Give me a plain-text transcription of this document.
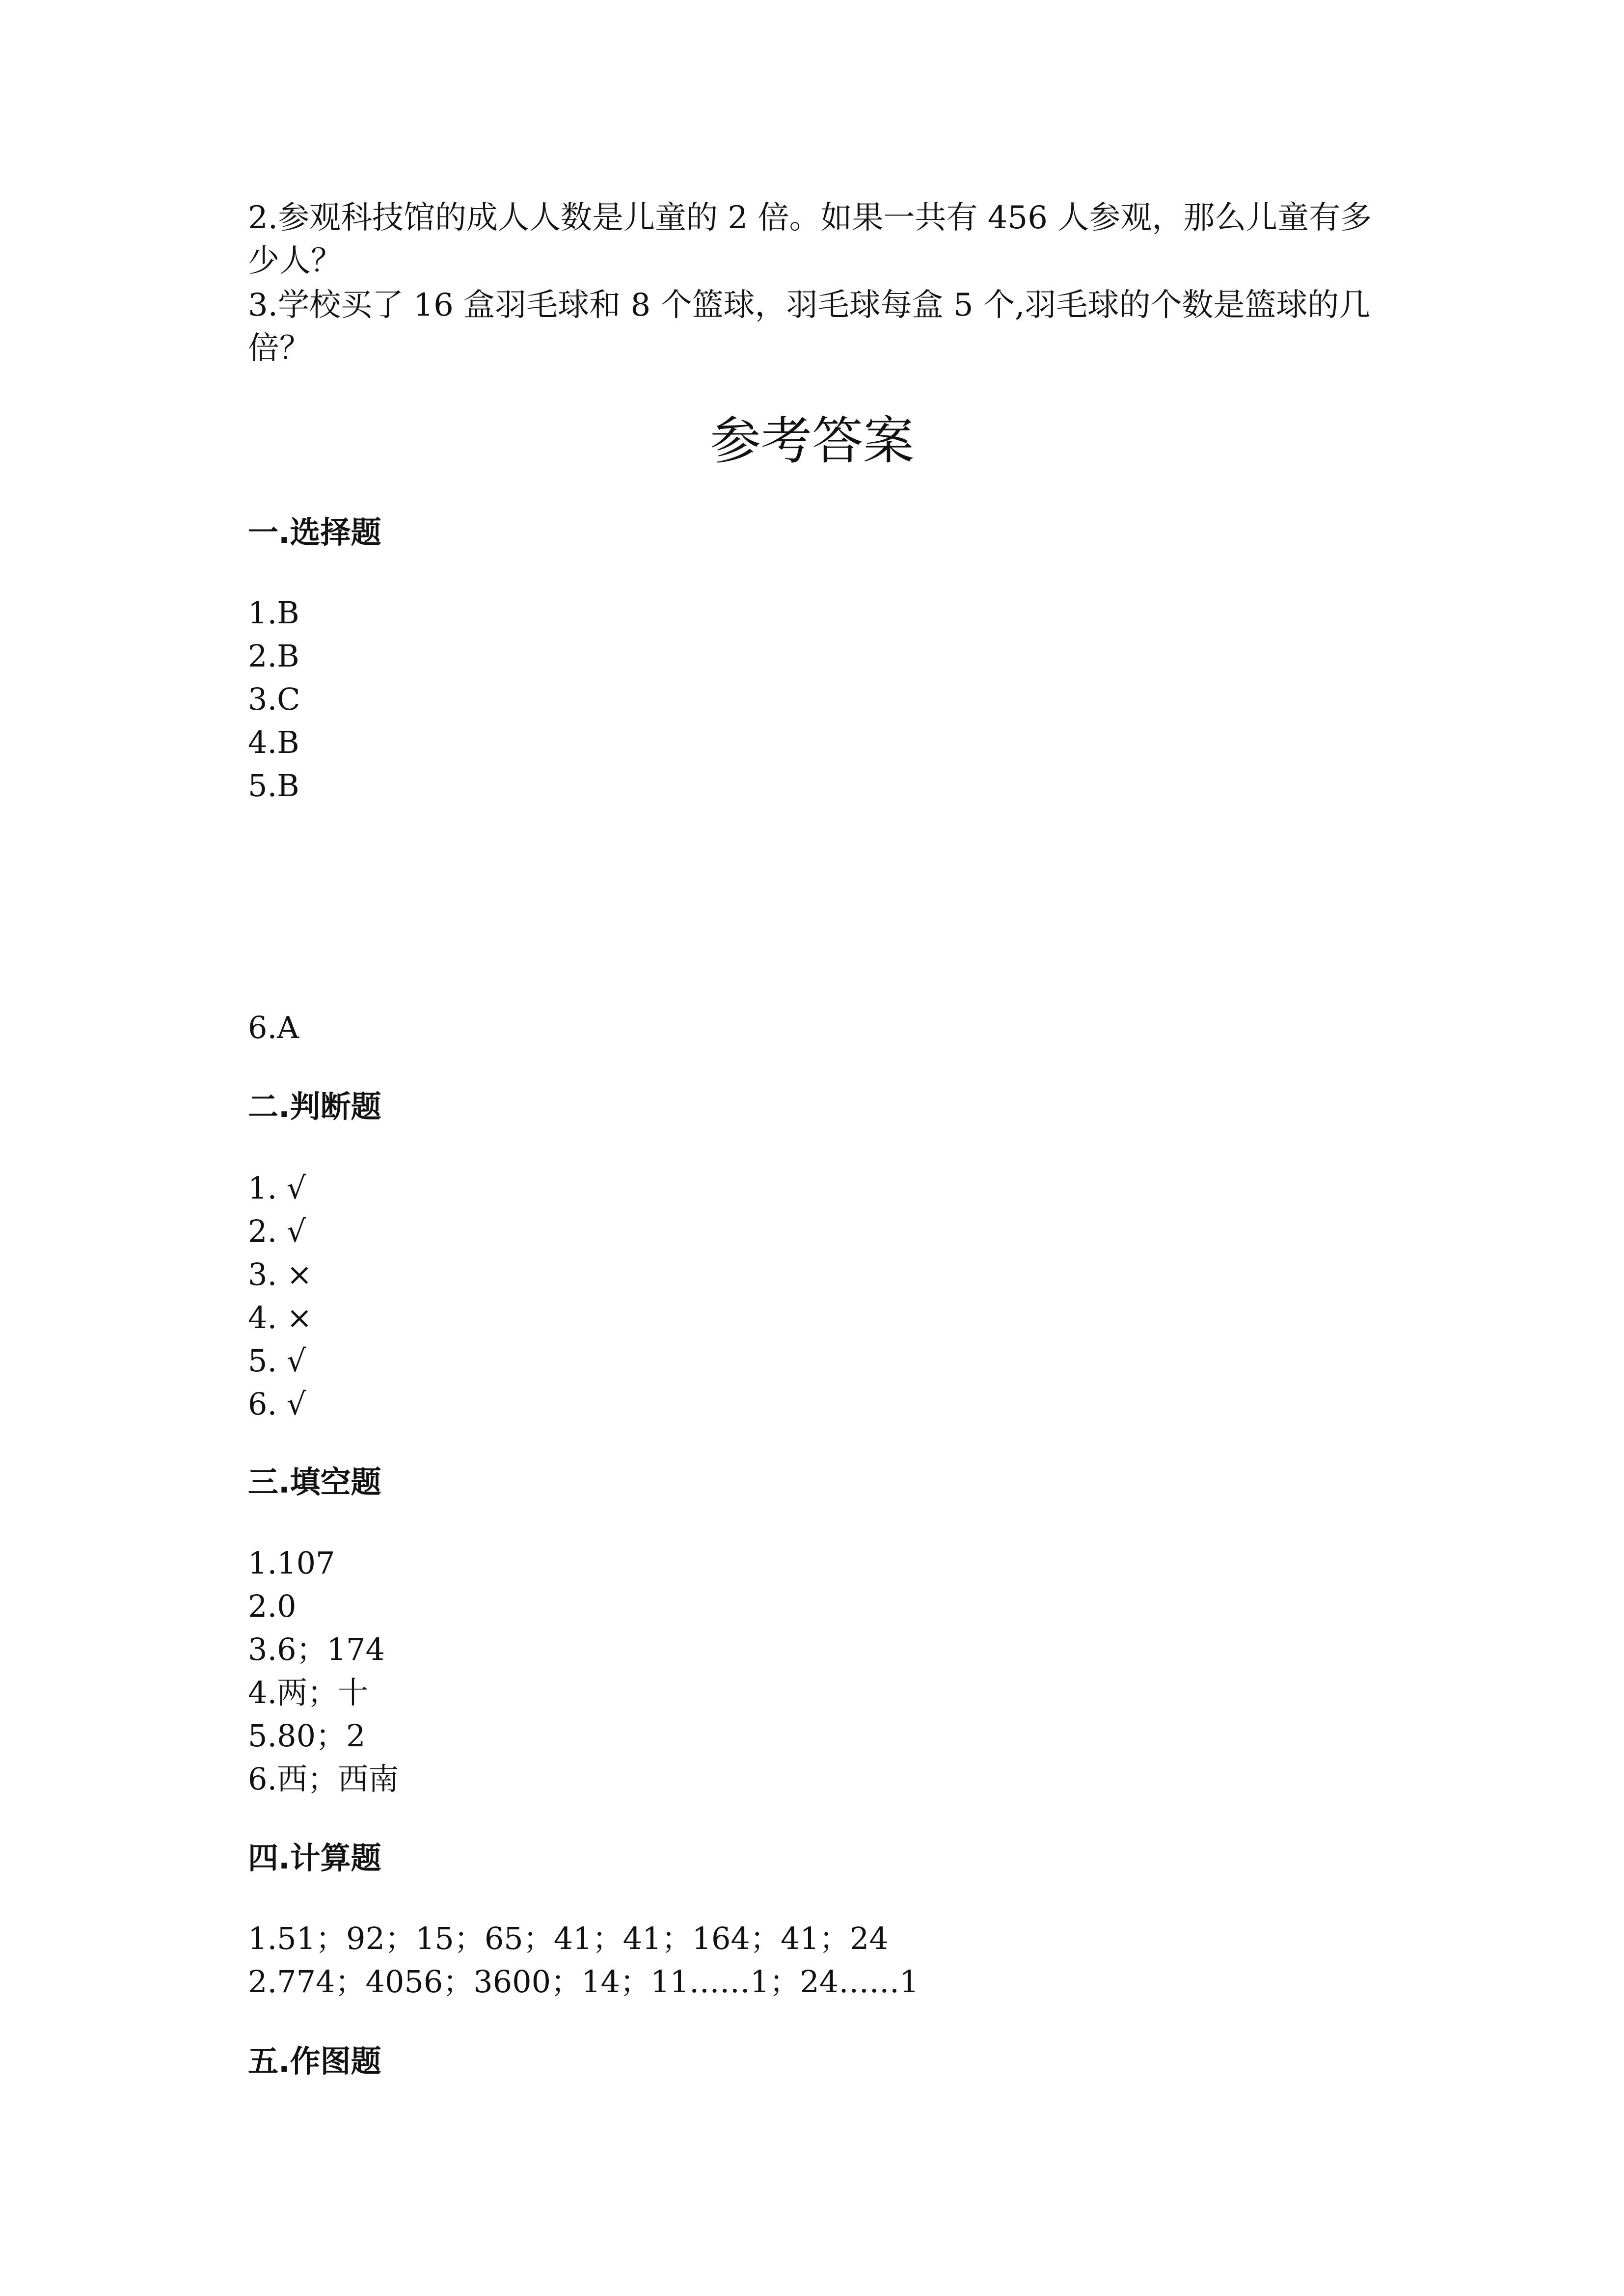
2.参观科技馆的成人人数是儿童的 2 倍。如果一共有 456 人参观，那么儿童有多少人？

3.学校买了 16 盒羽毛球和 8 个篮球，羽毛球每盒 5 个,羽毛球的个数是篮球的几倍？

参考答案
一.选择题
1.B
2.B
3.C
4.B
5.B
6.A
二.判断题
1. √
2. √
3. ×
4. ×
5. √
6. √
三.填空题
1.107
2.0
3.6；174
4.两；十
5.80；2
6.西；西南
四.计算题
1.51；92；15；65；41；41；164；41；24
2.774；4056；3600；14；11……1；24……1
五.作图题
